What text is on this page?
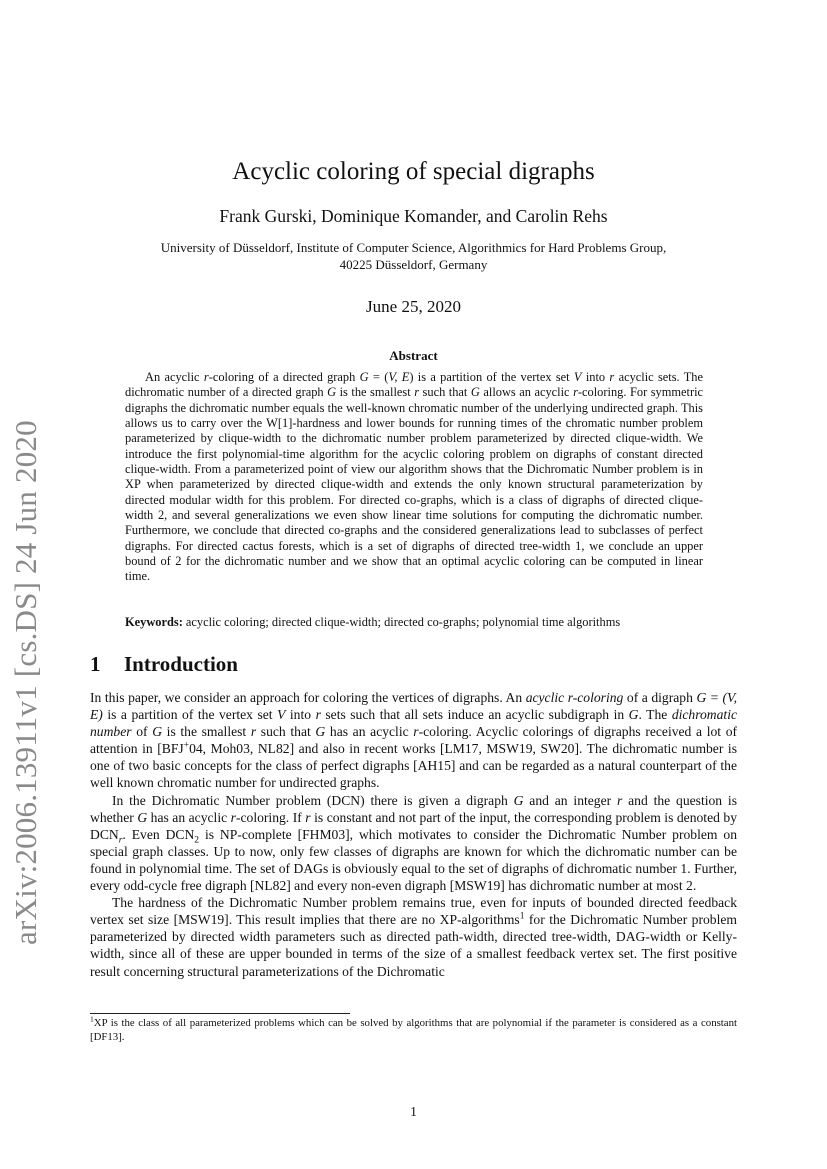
arXiv:2006.13911v1 [cs.DS] 24 Jun 2020
Acyclic coloring of special digraphs
Frank Gurski, Dominique Komander, and Carolin Rehs
University of Düsseldorf, Institute of Computer Science, Algorithmics for Hard Problems Group,
40225 Düsseldorf, Germany
June 25, 2020
Abstract
An acyclic r-coloring of a directed graph G = (V, E) is a partition of the vertex set V into r acyclic sets. The dichromatic number of a directed graph G is the smallest r such that G allows an acyclic r-coloring. For symmetric digraphs the dichromatic number equals the well-known chromatic number of the underlying undirected graph. This allows us to carry over the W[1]-hardness and lower bounds for running times of the chromatic number problem parameterized by clique-width to the dichromatic number problem parameterized by directed clique-width. We introduce the first polynomial-time algorithm for the acyclic coloring problem on digraphs of constant directed clique-width. From a parameterized point of view our algorithm shows that the Dichromatic Number problem is in XP when parameterized by directed clique-width and extends the only known structural parameterization by directed modular width for this problem. For directed co-graphs, which is a class of digraphs of directed clique-width 2, and several generalizations we even show linear time solutions for computing the dichromatic number. Furthermore, we conclude that directed co-graphs and the considered generalizations lead to subclasses of perfect digraphs. For directed cactus forests, which is a set of digraphs of directed tree-width 1, we conclude an upper bound of 2 for the dichromatic number and we show that an optimal acyclic coloring can be computed in linear time.
Keywords: acyclic coloring; directed clique-width; directed co-graphs; polynomial time algorithms
1 Introduction

In this paper, we consider an approach for coloring the vertices of digraphs. An acyclic r-coloring of a digraph G = (V, E) is a partition of the vertex set V into r sets such that all sets induce an acyclic subdigraph in G. The dichromatic number of G is the smallest r such that G has an acyclic r-coloring. Acyclic colorings of digraphs received a lot of attention in [BFJ+04, Moh03, NL82] and also in recent works [LM17, MSW19, SW20]. The dichromatic number is one of two basic concepts for the class of perfect digraphs [AH15] and can be regarded as a natural counterpart of the well known chromatic number for undirected graphs.

In the Dichromatic Number problem (DCN) there is given a digraph G and an integer r and the question is whether G has an acyclic r-coloring. If r is constant and not part of the input, the corresponding problem is denoted by $DCN_r$. Even $DCN_2$ is NP-complete [FHM03], which motivates to consider the Dichromatic Number problem on special graph classes. Up to now, only few classes of digraphs are known for which the dichromatic number can be found in polynomial time. The set of DAGs is obviously equal to the set of digraphs of dichromatic number 1. Further, every odd-cycle free digraph [NL82] and every non-even digraph [MSW19] has dichromatic number at most 2.

The hardness of the Dichromatic Number problem remains true, even for inputs of bounded directed feedback vertex set size [MSW19]. This result implies that there are no XP-algorithms$^1$ for the Dichromatic Number problem parameterized by directed width parameters such as directed path-width, directed tree-width, DAG-width or Kelly-width, since all of these are upper bounded in terms of the size of a smallest feedback vertex set. The first positive result concerning structural parameterizations of the Dichromatic

$^1$XP is the class of all parameterized problems which can be solved by algorithms that are polynomial if the parameter is considered as a constant [DF13].
1
